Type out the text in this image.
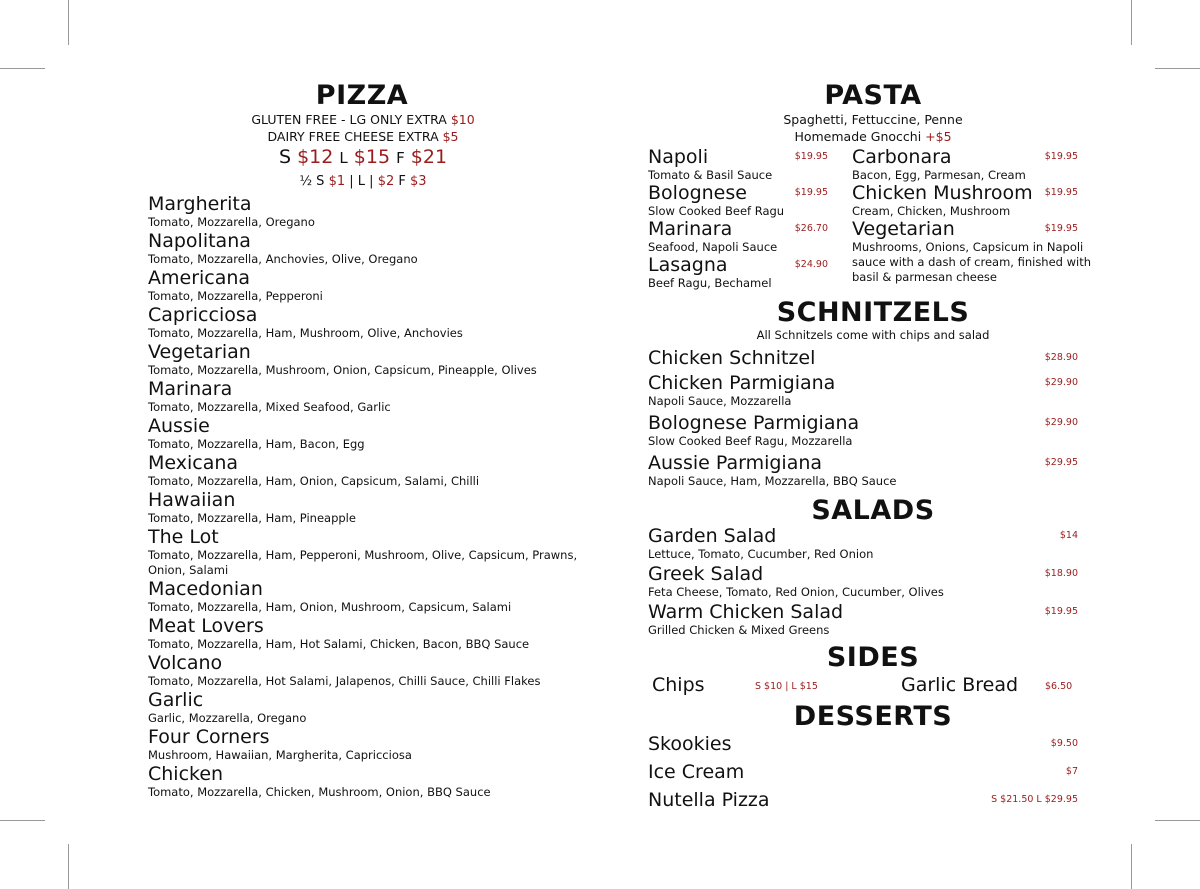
PIZZA
GLUTEN FREE - LG ONLY EXTRA $10
DAIRY FREE CHEESE EXTRA $5
S $12 L $15 F $21
½ S $1 | L | $2 F $3
Margherita
Tomato, Mozzarella, Oregano
Napolitana
Tomato, Mozzarella, Anchovies, Olive, Oregano
Americana
Tomato, Mozzarella, Pepperoni
Capricciosa
Tomato, Mozzarella, Ham, Mushroom, Olive, Anchovies
Vegetarian
Tomato, Mozzarella, Mushroom, Onion, Capsicum, Pineapple, Olives
Marinara
Tomato, Mozzarella, Mixed Seafood, Garlic
Aussie
Tomato, Mozzarella, Ham, Bacon, Egg
Mexicana
Tomato, Mozzarella, Ham, Onion, Capsicum, Salami, Chilli
Hawaiian
Tomato, Mozzarella, Ham, Pineapple
The Lot
Tomato, Mozzarella, Ham, Pepperoni, Mushroom, Olive, Capsicum, Prawns, Onion, Salami
Macedonian
Tomato, Mozzarella, Ham, Onion, Mushroom, Capsicum, Salami
Meat Lovers
Tomato, Mozzarella, Ham, Hot Salami, Chicken, Bacon, BBQ Sauce
Volcano
Tomato, Mozzarella, Hot Salami, Jalapenos, Chilli Sauce, Chilli Flakes
Garlic
Garlic, Mozzarella, Oregano
Four Corners
Mushroom, Hawaiian, Margherita, Capricciosa
Chicken
Tomato, Mozzarella, Chicken, Mushroom, Onion, BBQ Sauce
PASTA
Spaghetti, Fettuccine, Penne
Homemade Gnocchi +$5
Napoli
Tomato & Basil Sauce
$19.95
Bolognese
Slow Cooked Beef Ragu
$19.95
Marinara
Seafood, Napoli Sauce
$26.70
Lasagna
Beef Ragu, Bechamel
$24.90
Carbonara
Bacon, Egg, Parmesan, Cream
$19.95
Chicken Mushroom
Cream, Chicken, Mushroom
$19.95
Vegetarian
Mushrooms, Onions, Capsicum in Napoli sauce with a dash of cream, finished with basil & parmesan cheese
$19.95
SCHNITZELS
All Schnitzels come with chips and salad
Chicken Schnitzel	$28.90
Chicken Parmigiana
Napoli Sauce, Mozzarella
$29.90
Bolognese Parmigiana
Slow Cooked Beef Ragu, Mozzarella
$29.90
Aussie Parmigiana
Napoli Sauce, Ham, Mozzarella, BBQ Sauce
$29.95
SALADS
Garden Salad
Lettuce, Tomato, Cucumber, Red Onion
$14
Greek Salad
Feta Cheese, Tomato, Red Onion, Cucumber, Olives
$18.90
Warm Chicken Salad
Grilled Chicken & Mixed Greens
$19.95
SIDES
Chips	S $10 | L $15	Garlic Bread	$6.50
DESSERTS
Skookies	$9.50
Ice Cream	$7
Nutella Pizza	S $21.50 L $29.95
